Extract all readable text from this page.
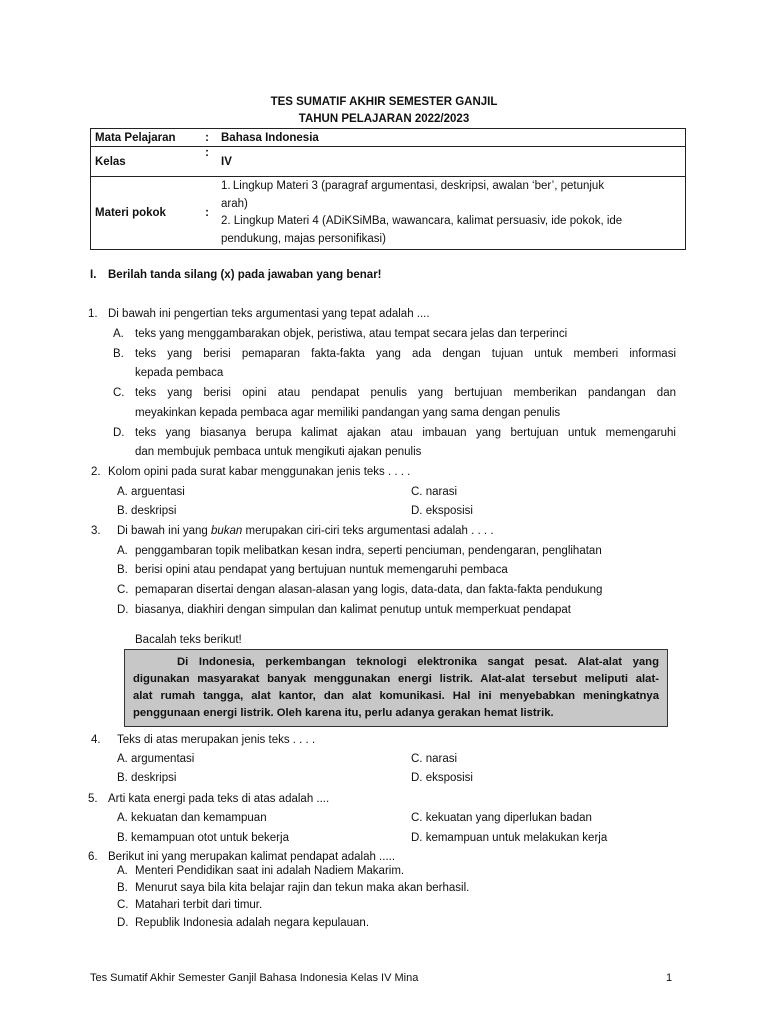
TES SUMATIF AKHIR SEMESTER GANJIL
TAHUN PELAJARAN 2022/2023
Mata Pelajaran	:	Bahasa Indonesia
Kelas	:	IV
Materi pokok	:	1. Lingkup Materi 3 (paragraf argumentasi, deskripsi, awalan ‘ber’, petunjuk
arah)
2. Lingkup Materi 4 (ADiKSiMBa, wawancara, kalimat persuasiv, ide pokok, ide
pendukung, majas personifikasi)
I. Berilah tanda silang (x) pada jawaban yang benar!
1. Di bawah ini pengertian teks argumentasi yang tepat adalah ....
A. teks yang menggambarakan objek, peristiwa, atau tempat secara jelas dan terperinci
B. teks yang berisi pemaparan fakta-fakta yang ada dengan tujuan untuk memberi informasi
kepada pembaca
C. teks yang berisi opini atau pendapat penulis yang bertujuan memberikan pandangan dan
meyakinkan kepada pembaca agar memiliki pandangan yang sama dengan penulis
D. teks yang biasanya berupa kalimat ajakan atau imbauan yang bertujuan untuk memengaruhi
dan membujuk pembaca untuk mengikuti ajakan penulis
2. Kolom opini pada surat kabar menggunakan jenis teks . . . .
A. arguentasi	C. narasi
B. deskripsi	D. eksposisi
3. Di bawah ini yang bukan merupakan ciri-ciri teks argumentasi adalah . . . .
A. penggambaran topik melibatkan kesan indra, seperti penciuman, pendengaran, penglihatan
B. berisi opini atau pendapat yang bertujuan nuntuk memengaruhi pembaca
C. pemaparan disertai dengan alasan-alasan yang logis, data-data, dan fakta-fakta pendukung
D. biasanya, diakhiri dengan simpulan dan kalimat penutup untuk memperkuat pendapat
Bacalah teks berikut!
Di Indonesia, perkembangan teknologi elektronika sangat pesat. Alat-alat yang
digunakan masyarakat banyak menggunakan energi listrik. Alat-alat tersebut meliputi alat-
alat rumah tangga, alat kantor, dan alat komunikasi. Hal ini menyebabkan meningkatnya
penggunaan energi listrik. Oleh karena itu, perlu adanya gerakan hemat listrik.
4. Teks di atas merupakan jenis teks . . . .
A. argumentasi	C. narasi
B. deskripsi	D. eksposisi
5. Arti kata energi pada teks di atas adalah ....
A. kekuatan dan kemampuan	C. kekuatan yang diperlukan badan
B. kemampuan otot untuk bekerja	D. kemampuan untuk melakukan kerja
6. Berikut ini yang merupakan kalimat pendapat adalah .....
A. Menteri Pendidikan saat ini adalah Nadiem Makarim.
B. Menurut saya bila kita belajar rajin dan tekun maka akan berhasil.
C. Matahari terbit dari timur.
D. Republik Indonesia adalah negara kepulauan.
Tes Sumatif Akhir Semester Ganjil Bahasa Indonesia Kelas IV Mina	1
